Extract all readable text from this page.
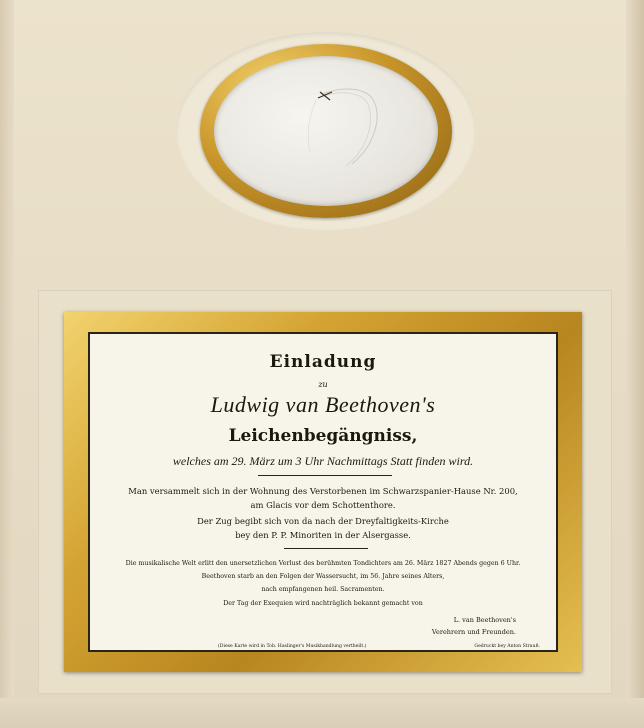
Einladung
zu
Ludwig van Beethoven's
Leichenbegängniss,
welches am 29. März um 3 Uhr Nachmittags Statt finden wird.
Man versammelt sich in der Wohnung des Verstorbenen im Schwarzspanier-Hause Nr. 200,
am Glacis vor dem Schottenthore.
Der Zug begibt sich von da nach der Dreyfaltigkeits-Kirche
bey den P. P. Minoriten in der Alsergasse.
Die musikalische Welt erlitt den unersetzlichen Verlust des berühmten Tondichters am 26. März 1827 Abends gegen 6 Uhr.
Beethoven starb an den Folgen der Wassersucht, im 56. Jahre seines Alters,
nach empfangenen heil. Sacramenten.
Der Tag der Exequien wird nachträglich bekannt gemacht von
L. van Beethoven's
Verehrern und Freunden.
(Diese Karte wird in Tob. Haslinger's Musikhandlung vertheilt.)	Gedruckt bey Anton Strauß.
